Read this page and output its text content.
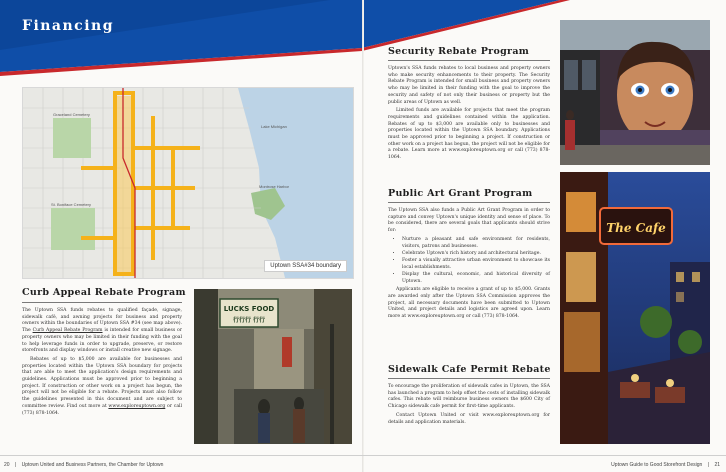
Financing
Lake Michigan
Montrose Harbor
Graceland Cemetery
St. Boniface Cemetery
Uptown SSA#34 boundary
Curb Appeal Rebate Program

The Uptown SSA funds rebates to qualified façade, signage, sidewalk café, and awning projects for business and property owners within the boundaries of Uptown SSA #34 (see map above). The Curb Appeal Rebate Program is intended for small business or property owners who may be limited in their funding with the goal to help leverage funds in order to upgrade, preserve, or restore storefronts and display windows or install creative new signage.

Rebates of up to $5,000 are available for businesses and properties located within the Uptown SSA boundary for projects that are able to meet the application's design requirements and guidelines. Applications must be approved prior to beginning a project. If construction or other work on a project has begun, the project will not be eligible for a rebate. Projects must also follow the guidelines presented in this document and are subject to committee review. Find out more at www.exploreuptown.org or call (773) 878-1064.

LUCKS FOOD
行行行 行行
Security Rebate Program

Uptown's SSA funds rebates to local business and property owners who make security enhancements to their property. The Security Rebate Program is intended for small business and property owners who may be limited in their funding with the goal to improve the security and safety of not only their business or property but the public areas of Uptown as well.

Limited funds are available for projects that meet the program requirements and guidelines contained within the application. Rebates of up to $3,000 are available only to businesses and properties located within the Uptown SSA boundary. Applications must be approved prior to beginning a project. If construction or other work on a project has begun, the project will not be eligible for a rebate. Learn more at www.exploreuptown.org or call (773) 878-1064.

Public Art Grant Program

The Uptown SSA also funds a Public Art Grant Program in order to capture and convey Uptown's unique identity and sense of place. To be considered, there are several goals that applicants should strive for:

• Nurture a pleasant and safe environment for residents, visitors, patrons and businesses.
• Celebrate Uptown's rich history and architectural heritage.
• Foster a visually attractive urban environment to showcase its local establishments.
• Display the cultural, economic, and historical diversity of Uptown.

Applicants are eligible to receive a grant of up to $5,000. Grants are awarded only after the Uptown SSA Commission approves the project, all necessary documents have been submitted to Uptown United, and project details and logistics are agreed upon. Learn more at www.exploreuptown.org or call (773) 878-1064.

Sidewalk Cafe Permit Rebate

To encourage the proliferation of sidewalk cafes in Uptown, the SSA has launched a program to help offset the costs of installing sidewalk cafes. This rebate will reimburse business owners the $600 City of Chicago sidewalk cafe permit for first-time applicants.

Contact Uptown United or visit www.exploreuptown.org for details and application materials.

The Cafe
20 | Uptown United and Business Partners, the Chamber for Uptown	Uptown Guide to Good Storefront Design | 21
